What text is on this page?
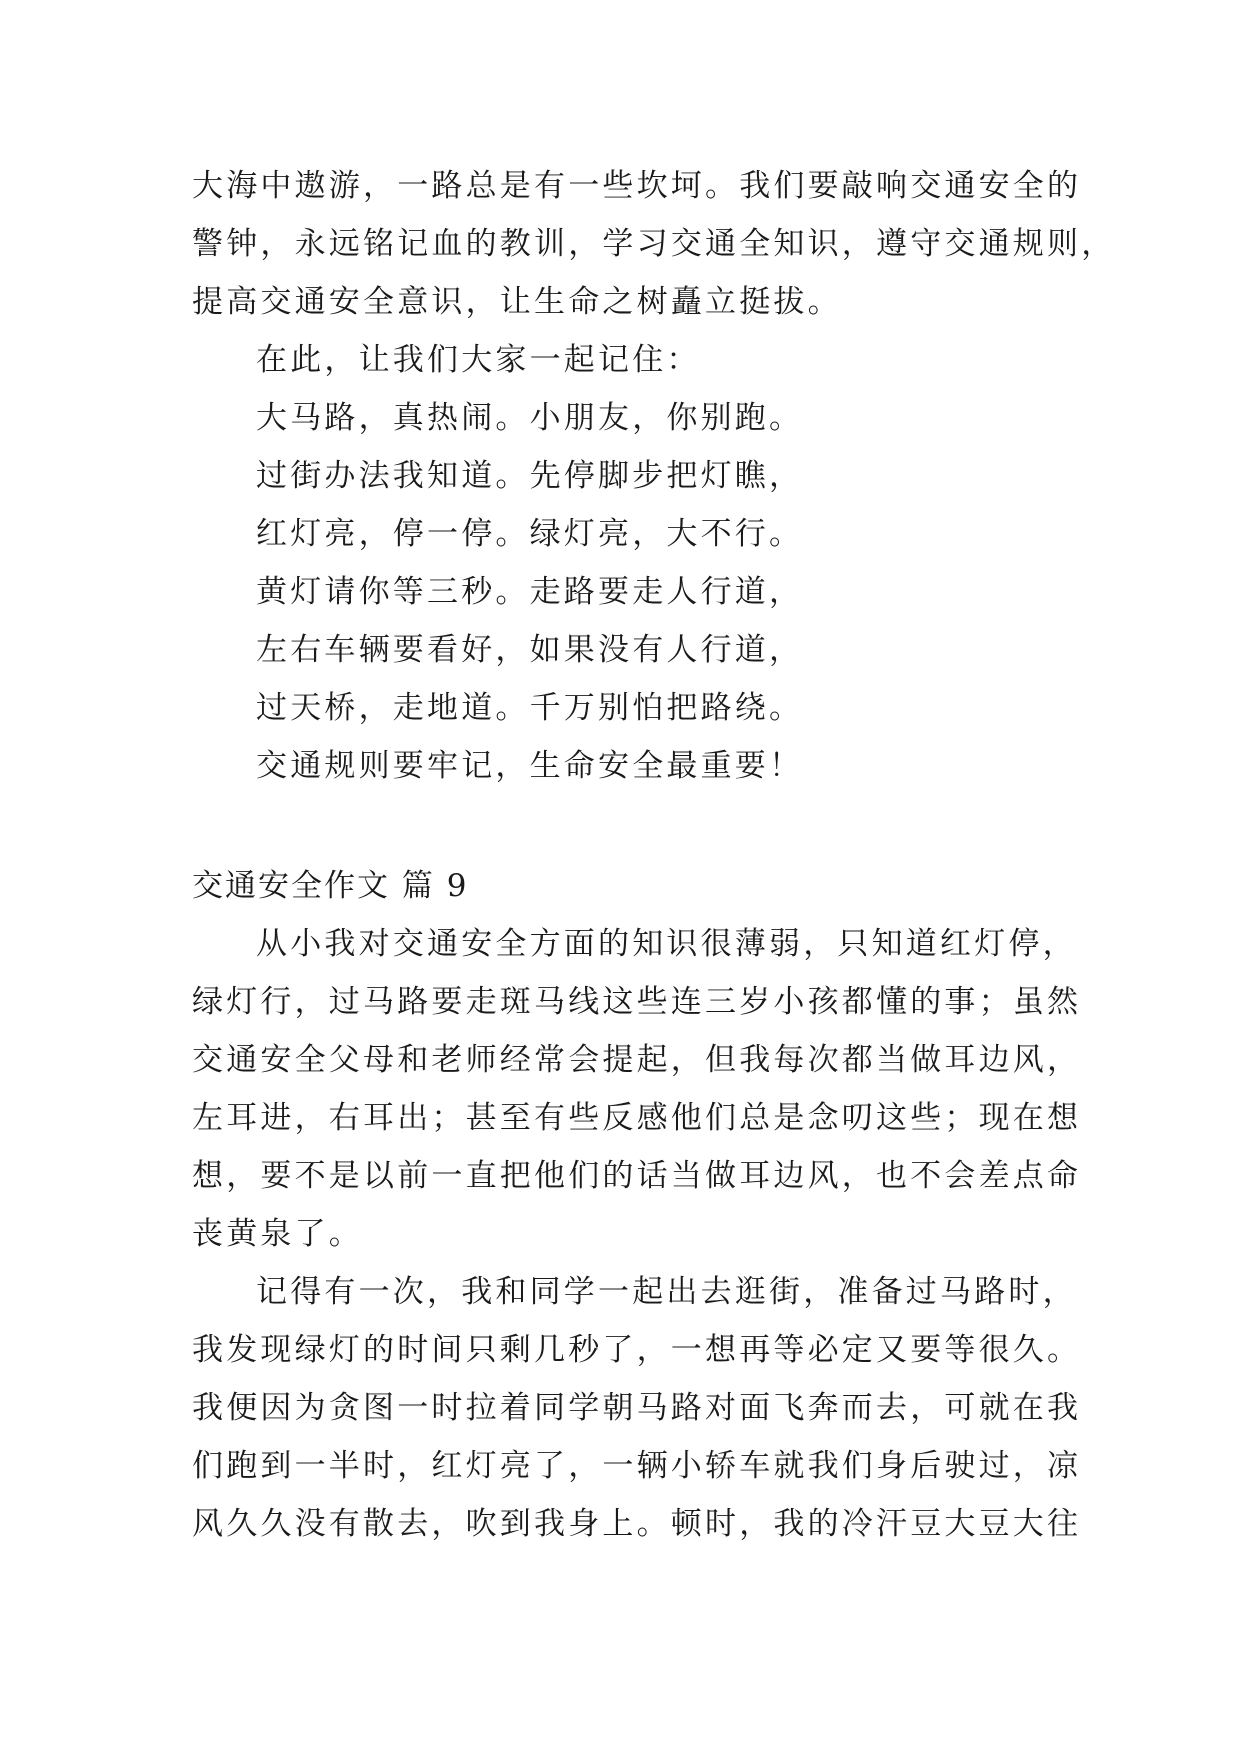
大海中遨游，一路总是有一些坎坷。我们要敲响交通安全的

警钟，永远铭记血的教训，学习交通全知识，遵守交通规则，

提高交通安全意识，让生命之树矗立挺拔。

在此，让我们大家一起记住：

大马路，真热闹。小朋友，你别跑。

过街办法我知道。先停脚步把灯瞧，

红灯亮，停一停。绿灯亮，大不行。

黄灯请你等三秒。走路要走人行道，

左右车辆要看好，如果没有人行道，

过天桥，走地道。千万别怕把路绕。

交通规则要牢记，生命安全最重要！

交通安全作文 篇 9

从小我对交通安全方面的知识很薄弱，只知道红灯停，

绿灯行，过马路要走斑马线这些连三岁小孩都懂的事；虽然

交通安全父母和老师经常会提起，但我每次都当做耳边风，

左耳进，右耳出；甚至有些反感他们总是念叨这些；现在想

想，要不是以前一直把他们的话当做耳边风，也不会差点命

丧黄泉了。

记得有一次，我和同学一起出去逛街，准备过马路时，

我发现绿灯的时间只剩几秒了，一想再等必定又要等很久。

我便因为贪图一时拉着同学朝马路对面飞奔而去，可就在我

们跑到一半时，红灯亮了，一辆小轿车就我们身后驶过，凉

风久久没有散去，吹到我身上。顿时，我的冷汗豆大豆大往
